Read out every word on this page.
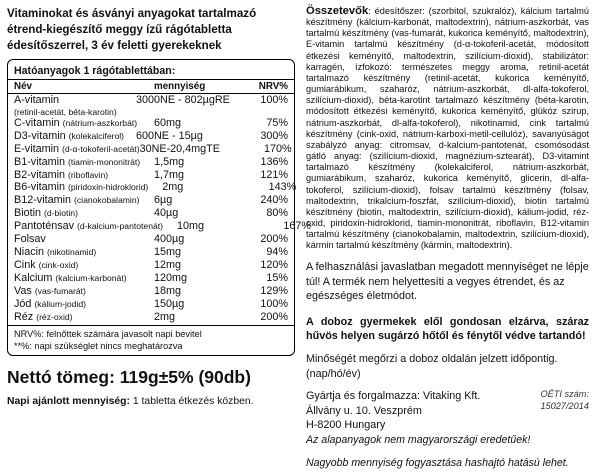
Vitaminokat és ásványi anyagokat tartalmazó étrend-kiegészítő meggy ízű rágótabletta édesítőszerrel, 3 év feletti gyerekeknek

Hatóanyagok 1 rágótablettában:
Név	mennyiség	NRV%
A-vitamin	3000NE - 802µgRE	100%
(retinil-acetát, béta-karotin)
C-vitamin (nátrium-aszkorbát)	60mg	75%
D3-vitamin (kolekalciferol)	600NE - 15µg	300%
E-vitamin (d-α-tokoferil-acetát) 30NE-20,4mgTE	170%
B1-vitamin (tiamin-mononitrát)	1,5mg	136%
B2-vitamin (riboflavin)	1,7mg	121%
B6-vitamin (piridoxin-hidroklorid)	2mg	143%
B12-vitamin (cianokobalamin)	6µg	240%
Biotin (d-biotin)	40µg	80%
Pantoténsav (d-kalcium-pantotenát)	10mg	167%
Folsav	400µg	200%
Niacin (nikotinamid)	15mg	94%
Cink (cink-oxid)	12mg	120%
Kalcium (kalcium-karbonát)	120mg	15%
Vas (vas-fumarát)	18mg	129%
Jód (kálium-jodid)	150µg	100%
Réz (réz-oxid)	2mg	200%
NRV%: felnőttek számára javasolt napi bevitel
**%: napi szükséglet nincs meghatározva
Nettó tömeg: 119g±5% (90db)
Napi ajánlott mennyiség: 1 tabletta étkezés közben.

Összetevők: édesítőszer: (szorbitol, szukralóz), kálcium tartalmú készítmény (kálcium-karbonát, maltodextrin), nátrium-aszkorbát, vas tartalmú készítmény (vas-fumarát, kukorica keményítő, maltodextrin), E-vitamin tartalmú készítmény (d-α-tokoferil-acetát, módosított étkezési keményítő, maltodextrin, szilícium-dioxid), stabilizátor: karragén, ízfokozó: természetes meggy aroma, retinil-acetát tartalmazó készítmény (retinil-acetát, kukorica keményítő, gumiarábikum, szaharóz, nátrium-aszkorbát, dl-alfa-tokoferol, szilícium-dioxid), béta-karotint tartalmazó készítmény (béta-karotin, módosított étkezési keményítő, kukorica keményítő, glükóz szirup, nátrium-aszkorbát, dl-alfa-tokoferol), nikotinamid, cink tartalmú készítmény (cink-oxid, nátrium-karboxi-metil-cellulóz), savanyúságot szabályzó anyag: citromsav, d-kalcium-pantotenát, csomósodást gátló anyag: (szilícium-dioxid, magnézium-sztearát), D3-vitamint tartalmazó készítmény (kolekalciferol, nátrium-aszkorbát, gumiarábikum, szaharóz, kukorica keményítő, glicerin, dl-alfa-tokoferol, szilícium-dioxid), folsav tartalmú készítmény (folsav, maltodextrin, trikalcium-foszfát, szilícium-dioxid), biotin tartalmú készítmény (biotin, maltodextrin, szilícium-dioxid), kálium-jodid, réz-oxid, piridoxin-hidroklorid, tiamin-mononitrát, riboflavin, B12-vitamin tartalmú készítmény (cianokobalamin, maltodextrin, szilícium-dioxid), kármin tartalmú készítmény (kármin, maltodextrin).

A felhasználási javaslatban megadott mennyiséget ne lépje túl! A termék nem helyettesíti a vegyes étrendet, és az egészséges életmódot.

A doboz gyermekek elől gondosan elzárva, száraz hűvös helyen sugárzó hőtől és fénytől védve tartandó!

Minőségét megőrzi a doboz oldalán jelzett időpontig. (nap/hó/év)

Gyártja és forgalmazza: Vitaking Kft.
Állvány u. 10. Veszprém
H-8200 Hungary
OÉTI szám: 15027/2014
Az alapanyagok nem magyarországi eredetűek!
Nagyobb mennyiség fogyasztása hashajtó hatású lehet.
